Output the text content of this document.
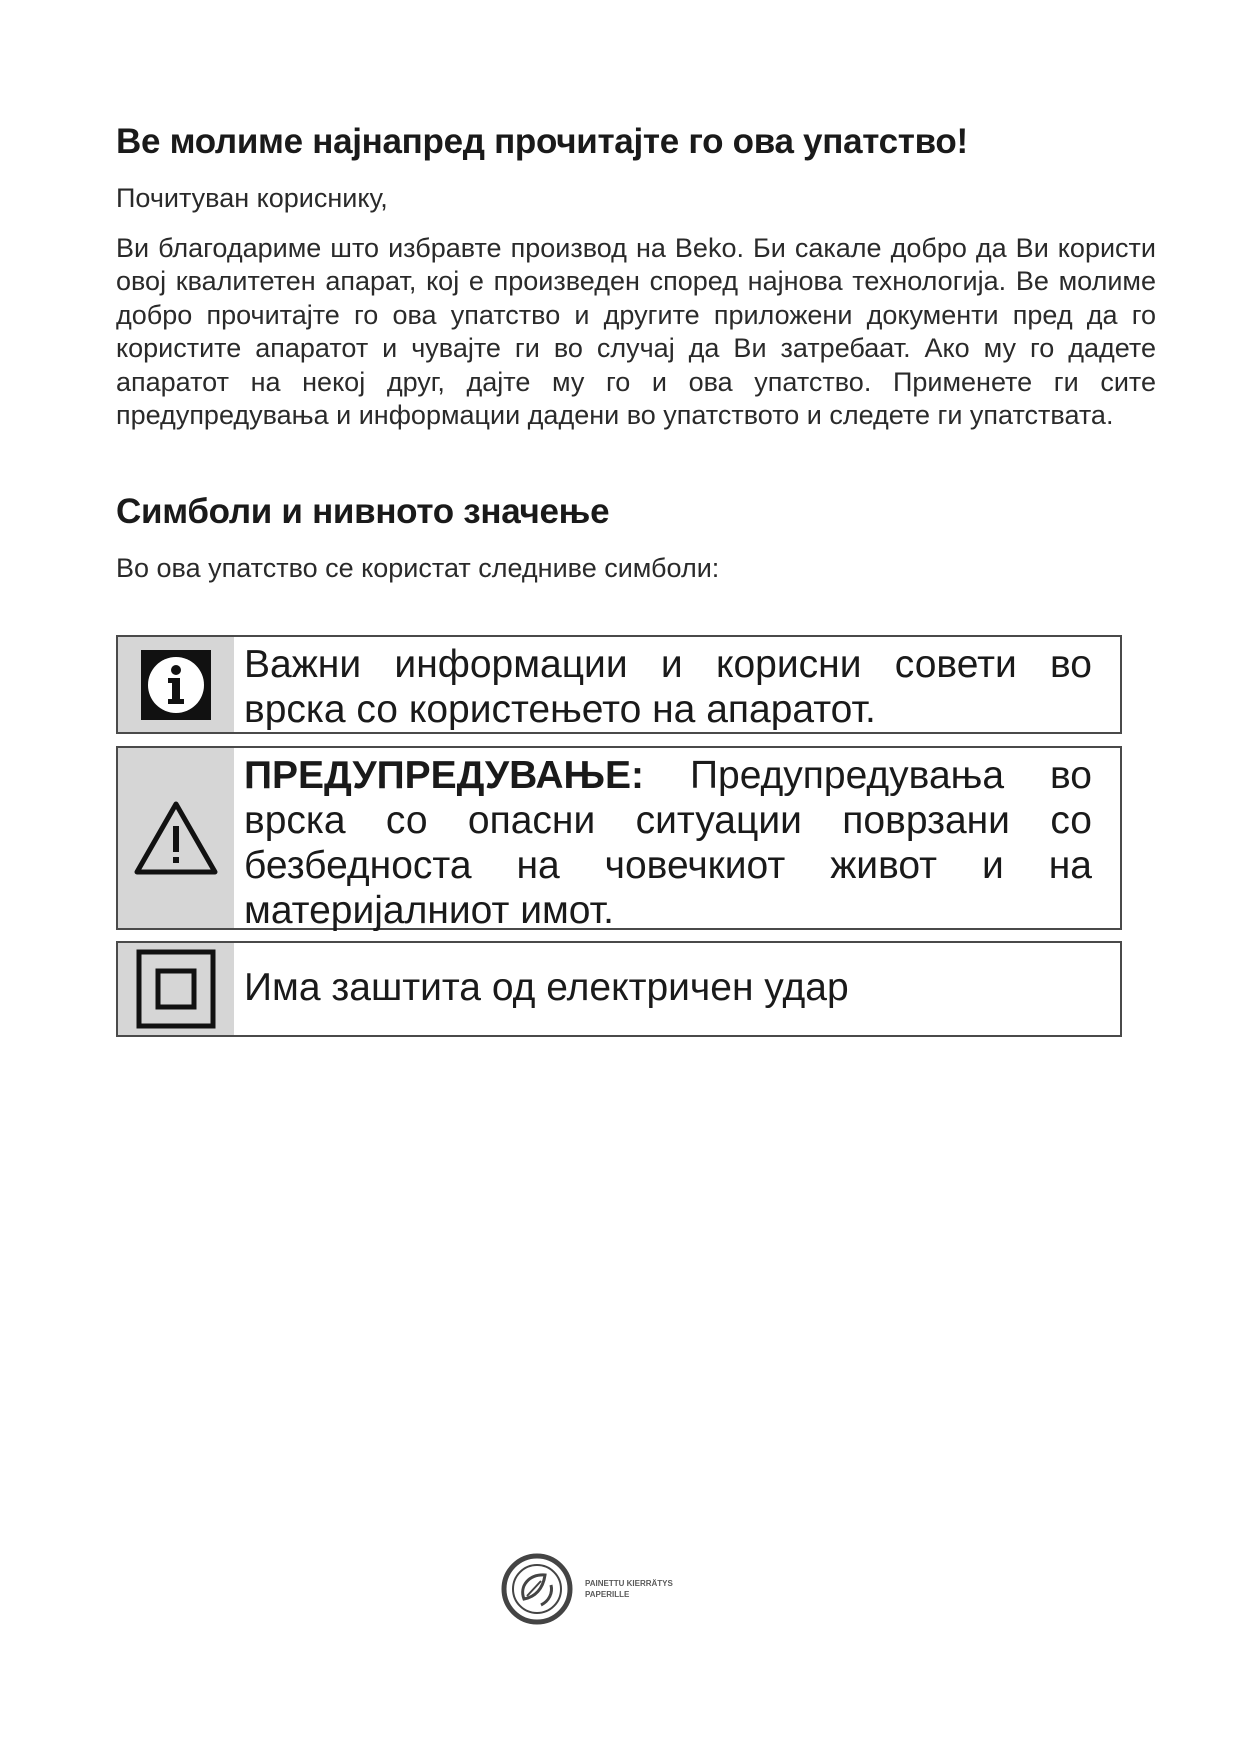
Ве молиме најнапред прочитајте го ова упатство!

Почитуван кориснику,

Ви благодариме што избравте производ на Beko. Би сакале добро да Ви користи овој квалитетен апарат, кој е произведен според најнова технологија. Ве молиме добро прочитајте го ова упатство и другите приложени документи пред да го користите апаратот и чувајте ги во случај да Ви затребаат. Ако му го дадете апаратот на некој друг, дајте му го и ова упатство. Применете ги сите предупредувања и информации дадени во упатството и следете ги упатствата.

Симболи и нивното значење

Во ова упатство се користат следниве симболи:

Важни информации и корисни совети во врска со користењето на апаратот.
ПРЕДУПРЕДУВАЊЕ: Предупредувања во врска со опасни ситуации поврзани со безбедноста на човечкиот живот и на материјалниот имот.
Има заштита од електричен удар
PAINETTU KIERRÄTYS
PAPERILLE
